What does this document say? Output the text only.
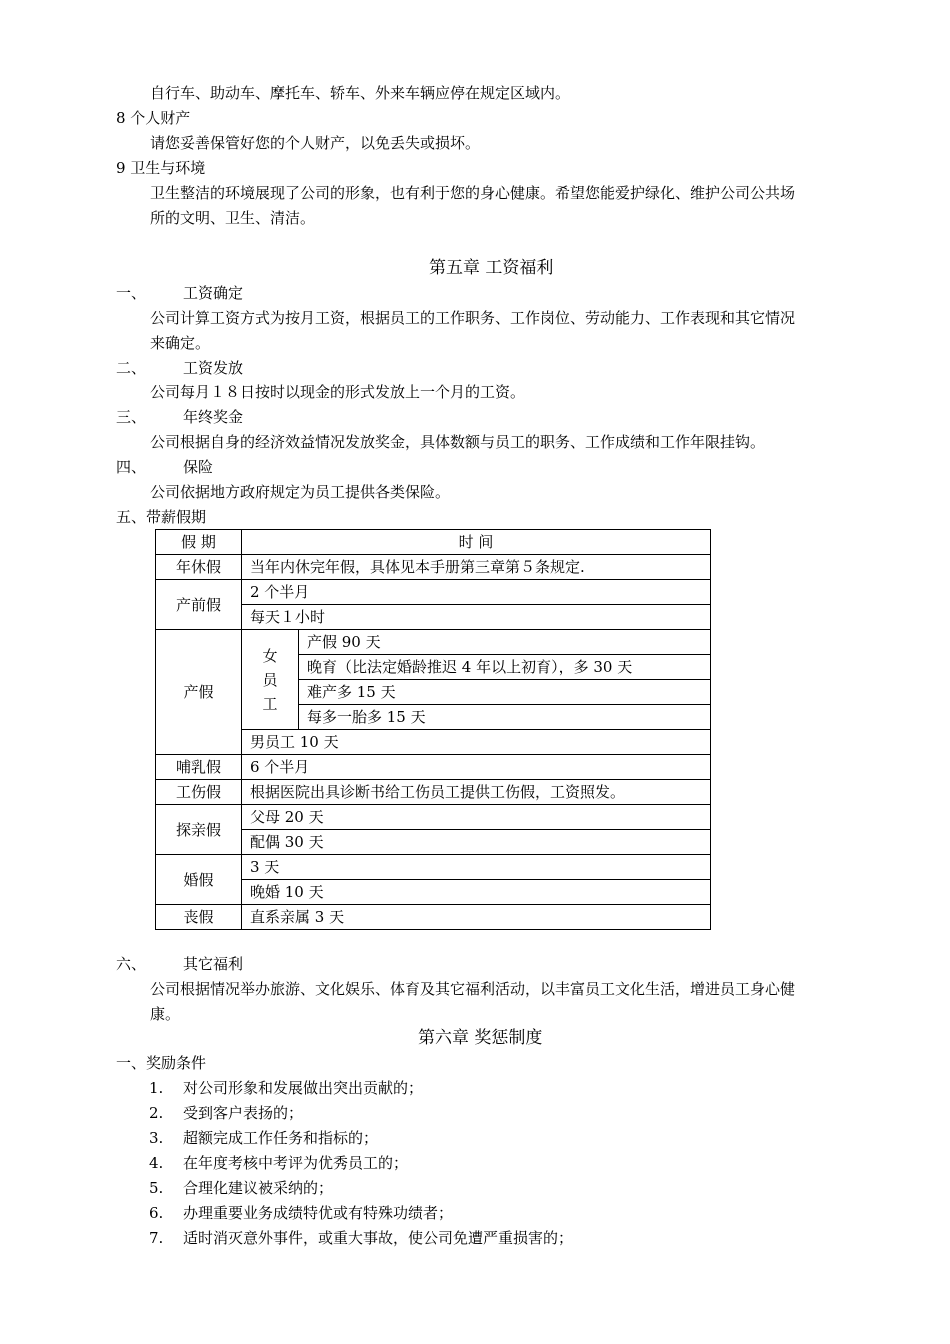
自行车、助动车、摩托车、轿车、外来车辆应停在规定区域内。
8 个人财产
请您妥善保管好您的个人财产，以免丢失或损坏。
9 卫生与环境
卫生整洁的环境展现了公司的形象，也有利于您的身心健康。希望您能爱护绿化、维护公司公共场
所的文明、卫生、清洁。
第五章 工资福利
一、 工资确定
公司计算工资方式为按月工资，根据员工的工作职务、工作岗位、劳动能力、工作表现和其它情况
来确定。
二、 工资发放
公司每月１８日按时以现金的形式发放上一个月的工资。
三、 年终奖金
公司根据自身的经济效益情况发放奖金，具体数额与员工的职务、工作成绩和工作年限挂钩。
四、 保险
公司依据地方政府规定为员工提供各类保险。
五、带薪假期
假 期	时 间	
年休假	当年内休完年假，具体见本手册第三章第５条规定.	
产前假	2 个半月	
	每天１小时	
产假	女员工	产假 90 天
		晚育（比法定婚龄推迟 4 年以上初育），多 30 天
		难产多 15 天
		每多一胎多 15 天
	男员工 10 天	
哺乳假	6 个半月	
工伤假	根据医院出具诊断书给工伤员工提供工伤假，工资照发。	
探亲假	父母 20 天	
	配偶 30 天	
婚假	3 天	
	晚婚 10 天	
丧假	直系亲属 3 天	
六、 其它福利
公司根据情况举办旅游、文化娱乐、体育及其它福利活动，以丰富员工文化生活，增进员工身心健
康。
第六章 奖惩制度
一、奖励条件
1. 对公司形象和发展做出突出贡献的；
2. 受到客户表扬的；
3. 超额完成工作任务和指标的；
4. 在年度考核中考评为优秀员工的；
5. 合理化建议被采纳的；
6. 办理重要业务成绩特优或有特殊功绩者；
7. 适时消灭意外事件，或重大事故，使公司免遭严重损害的；
